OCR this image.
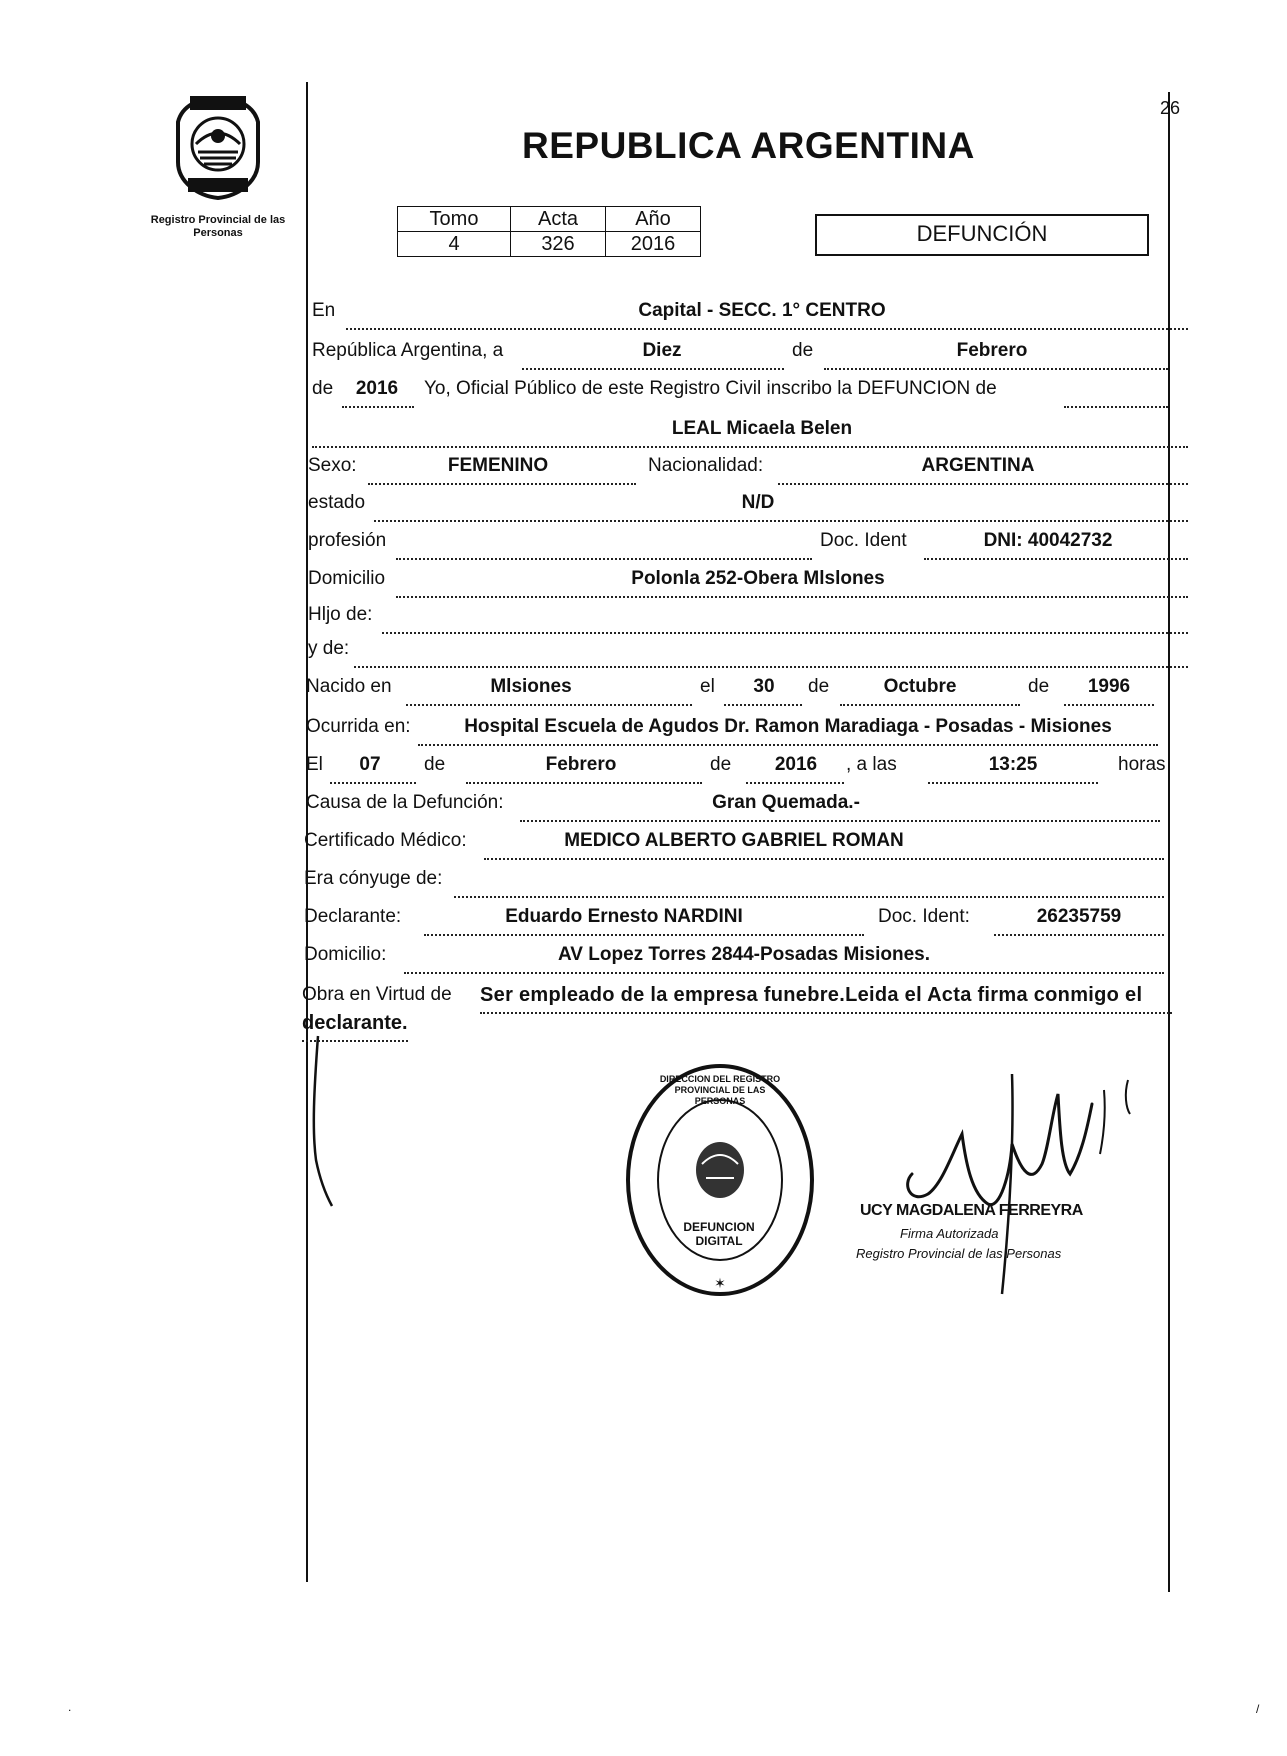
Registro Provincial de las Personas
26
REPUBLICA ARGENTINA
Tomo	Acta	Año
4	326	2016	DEFUNCIÓN
En	Capital - SECC. 1° CENTRO
República Argentina, a	Diez	de	Febrero
de	2016	Yo, Oficial Público de este Registro Civil inscribo la DEFUNCION de
LEAL Micaela Belen
Sexo:	FEMENINO	Nacionalidad:	ARGENTINA
estado	N/D
profesión	Doc. Ident	DNI: 40042732
Domicilio	Polonla 252-Obera Mlslones
Hljo de:
y de:
Nacido en	Mlsiones	el	30	de	Octubre	de	1996
Ocurrida en:	Hospital Escuela de Agudos Dr. Ramon Maradiaga - Posadas - Misiones
El	07	de	Febrero	de	2016	, a las	13:25	horas
Causa de la Defunción:	Gran Quemada.-
Certificado Médico:	MEDICO ALBERTO GABRIEL ROMAN
Era cónyuge de:
Declarante:	Eduardo Ernesto NARDINI	Doc. Ident:	26235759
Domicilio:	AV Lopez Torres 2844-Posadas Misiones.
Obra en Virtud de Ser empleado de la empresa funebre.Leida el Acta firma conmigo el
declarante.
✶
DIRECCION DEL REGISTRO PROVINCIAL DE LAS PERSONAS
DEFUNCION DIGITAL
UCY MAGDALENA FERREYRA
Firma Autorizada
Registro Provincial de las Personas
.	/
